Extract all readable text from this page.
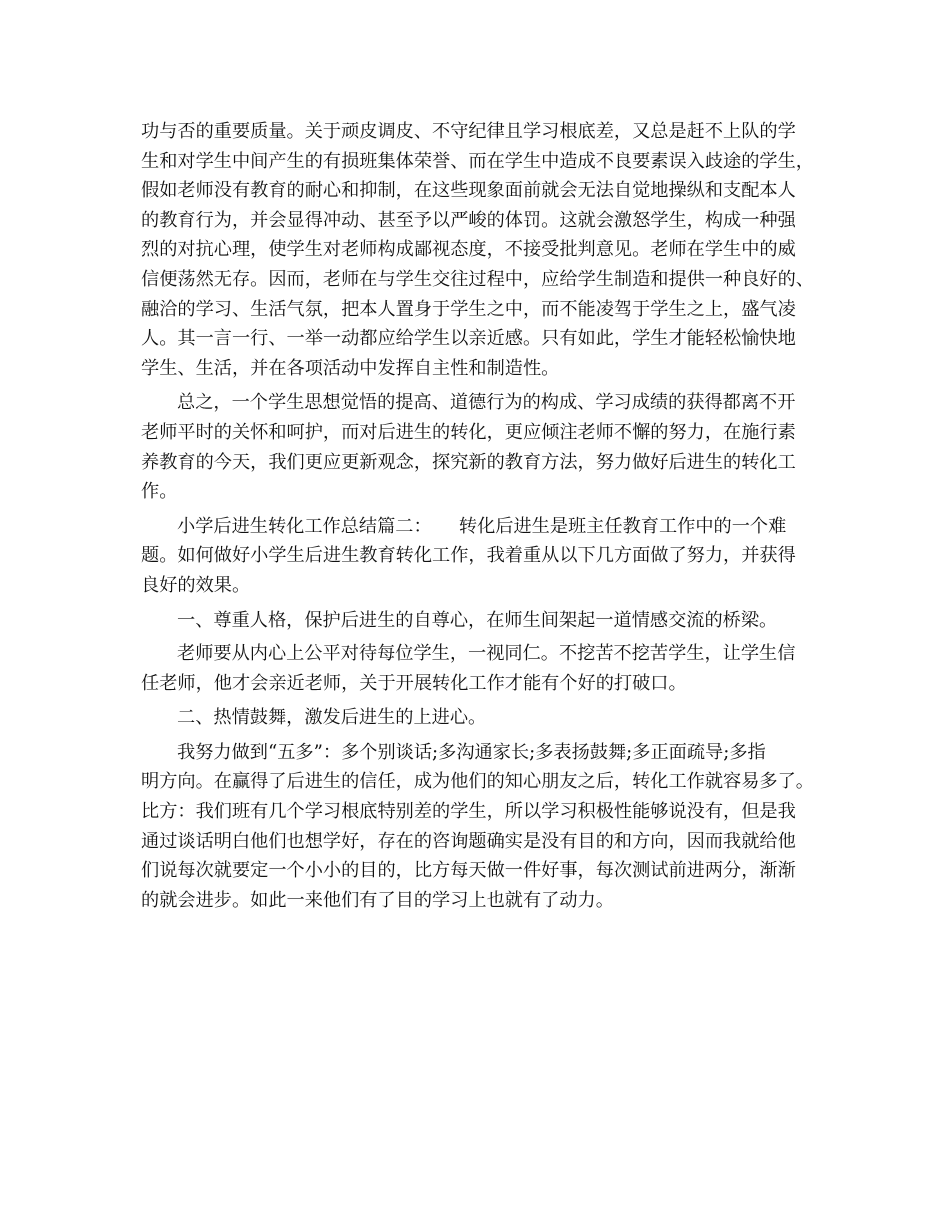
功与否的重要质量。关于顽皮调皮、不守纪律且学习根底差，又总是赶不上队的学
生和对学生中间产生的有损班集体荣誉、而在学生中造成不良要素误入歧途的学生，
假如老师没有教育的耐心和抑制，在这些现象面前就会无法自觉地操纵和支配本人
的教育行为，并会显得冲动、甚至予以严峻的体罚。这就会激怒学生，构成一种强
烈的对抗心理，使学生对老师构成鄙视态度，不接受批判意见。老师在学生中的威
信便荡然无存。因而，老师在与学生交往过程中，应给学生制造和提供一种良好的、
融洽的学习、生活气氛，把本人置身于学生之中，而不能凌驾于学生之上，盛气凌
人。其一言一行、一举一动都应给学生以亲近感。只有如此，学生才能轻松愉快地
学生、生活，并在各项活动中发挥自主性和制造性。
总之，一个学生思想觉悟的提高、道德行为的构成、学习成绩的获得都离不开
老师平时的关怀和呵护，而对后进生的转化，更应倾注老师不懈的努力，在施行素
养教育的今天，我们更应更新观念，探究新的教育方法，努力做好后进生的转化工
作。
小学后进生转化工作总结篇二：　　转化后进生是班主任教育工作中的一个难
题。如何做好小学生后进生教育转化工作，我着重从以下几方面做了努力，并获得
良好的效果。
一、尊重人格，保护后进生的自尊心，在师生间架起一道情感交流的桥梁。
老师要从内心上公平对待每位学生，一视同仁。不挖苦不挖苦学生，让学生信
任老师，他才会亲近老师，关于开展转化工作才能有个好的打破口。
二、热情鼓舞，激发后进生的上进心。
我努力做到“五多”：多个别谈话;多沟通家长;多表扬鼓舞;多正面疏导;多指
明方向。在赢得了后进生的信任，成为他们的知心朋友之后，转化工作就容易多了。
比方：我们班有几个学习根底特别差的学生，所以学习积极性能够说没有，但是我
通过谈话明白他们也想学好，存在的咨询题确实是没有目的和方向，因而我就给他
们说每次就要定一个小小的目的，比方每天做一件好事，每次测试前进两分，渐渐
的就会进步。如此一来他们有了目的学习上也就有了动力。
